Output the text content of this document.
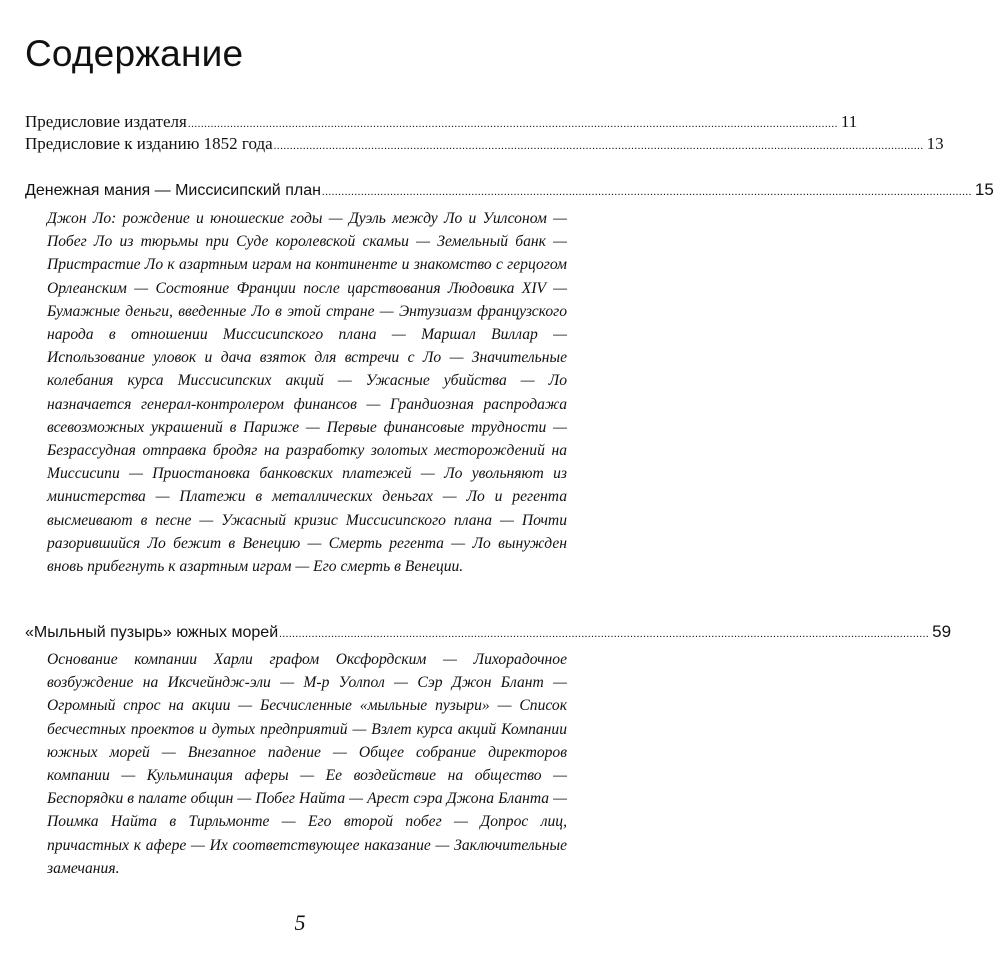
Содержание
Предисловие издателя ........................................................................................................................................................................................................ 11
Предисловие к изданию 1852 года ........................................................................................................................................................................................................ 13
Денежная мания — Миссисипский план ........................................................................................................................................................................................................ 15

Джон Ло: рождение и юношеские годы — Дуэль между Ло и Уилсоном — Побег Ло из тюрьмы при Суде королевской скамьи — Земельный банк — Пристрастие Ло к азартным играм на континенте и знакомство с герцогом Орлеанским — Состояние Франции после царствования Людовика XIV — Бумажные деньги, введенные Ло в этой стране — Энтузиазм французского народа в отношении Миссисипского плана — Маршал Виллар — Использование уловок и дача взяток для встречи с Ло — Значительные колебания курса Миссисипских акций — Ужасные убийства — Ло назначается генерал-контролером финансов — Грандиозная распродажа всевозможных украшений в Париже — Первые финансовые трудности — Безрассудная отправка бродяг на разработку золотых месторождений на Миссисипи — Приостановка банковских платежей — Ло увольняют из министерства — Платежи в металлических деньгах — Ло и регента высмеивают в песне — Ужасный кризис Миссисипского плана — Почти разорившийся Ло бежит в Венецию — Смерть регента — Ло вынужден вновь прибегнуть к азартным играм — Его смерть в Венеции.

«Мыльный пузырь» южных морей ........................................................................................................................................................................................................ 59

Основание компании Харли графом Оксфордским — Лихорадочное возбуждение на Иксчейндж-эли — М-р Уолпол — Сэр Джон Блант — Огромный спрос на акции — Бесчисленные «мыльные пузыри» — Список бесчестных проектов и дутых предприятий — Взлет курса акций Компании южных морей — Внезапное падение — Общее собрание директоров компании — Кульминация аферы — Ее воздействие на общество — Беспорядки в палате общин — Побег Найта — Арест сэра Джона Бланта — Поимка Найта в Тирльмонте — Его второй побег — Допрос лиц, причастных к афере — Их соответствующее наказание — Заключительные замечания.

5
